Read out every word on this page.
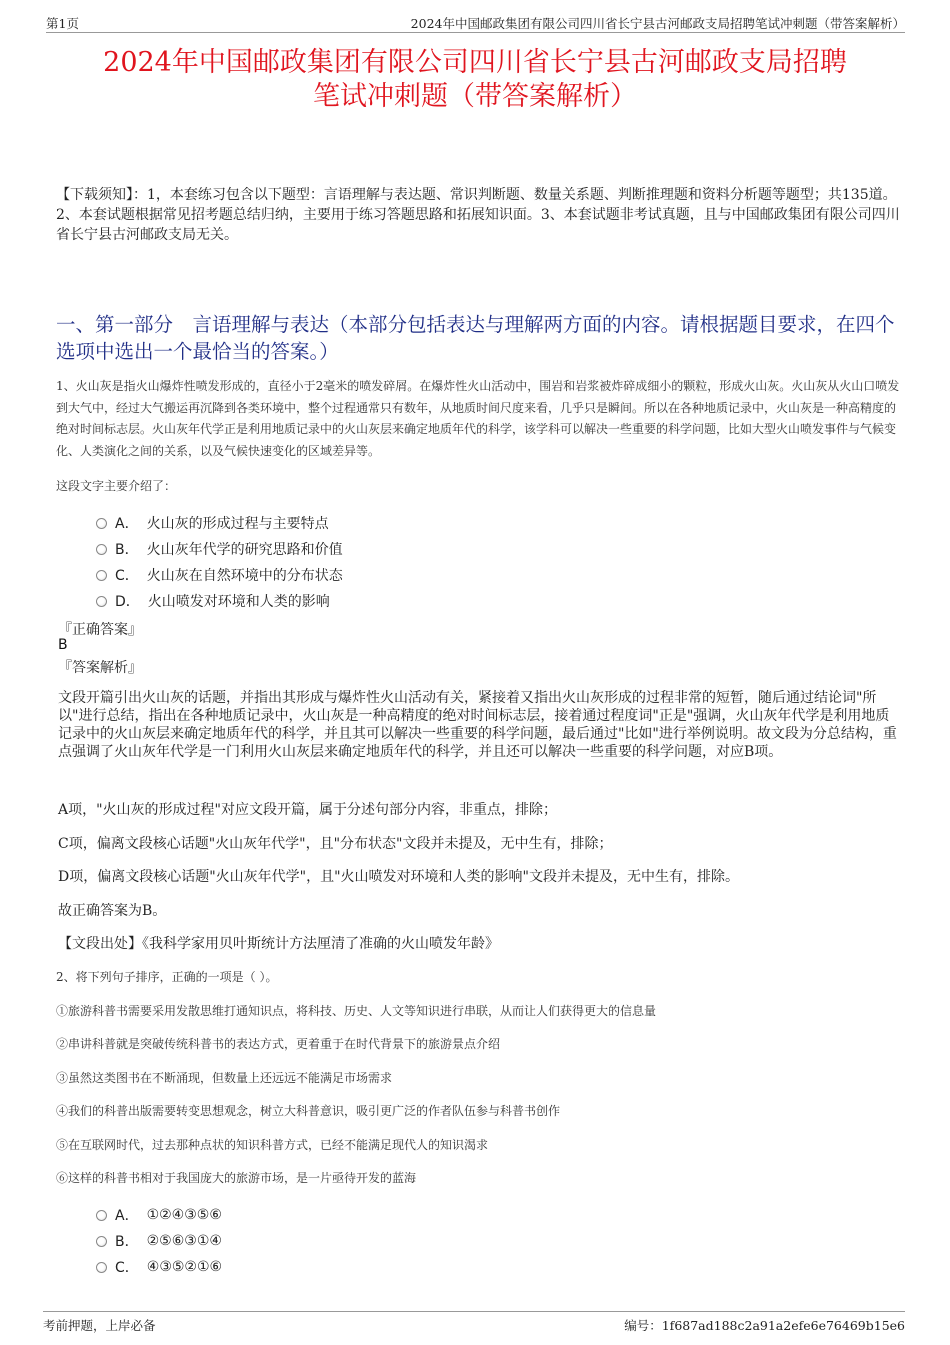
第1页	2024年中国邮政集团有限公司四川省长宁县古河邮政支局招聘笔试冲刺题（带答案解析）
2024年中国邮政集团有限公司四川省长宁县古河邮政支局招聘
笔试冲刺题（带答案解析）
【下载须知】：1，本套练习包含以下题型：言语理解与表达题、常识判断题、数量关系题、判断推理题和资料分析题等题型；共135道。2、本套试题根据常见招考题总结归纳，主要用于练习答题思路和拓展知识面。3、本套试题非考试真题，且与中国邮政集团有限公司四川省长宁县古河邮政支局无关。
一、第一部分　言语理解与表达（本部分包括表达与理解两方面的内容。请根据题目要求，在四个选项中选出一个最恰当的答案。）
1、火山灰是指火山爆炸性喷发形成的，直径小于2毫米的喷发碎屑。在爆炸性火山活动中，围岩和岩浆被炸碎成细小的颗粒，形成火山灰。火山灰从火山口喷发到大气中，经过大气搬运再沉降到各类环境中，整个过程通常只有数年，从地质时间尺度来看，几乎只是瞬间。所以在各种地质记录中，火山灰是一种高精度的绝对时间标志层。火山灰年代学正是利用地质记录中的火山灰层来确定地质年代的科学，该学科可以解决一些重要的科学问题，比如大型火山喷发事件与气候变化、人类演化之间的关系，以及气候快速变化的区域差异等。
这段文字主要介绍了：
A． 火山灰的形成过程与主要特点
B． 火山灰年代学的研究思路和价值
C． 火山灰在自然环境中的分布状态
D． 火山喷发对环境和人类的影响
『正确答案』
B
『答案解析』
文段开篇引出火山灰的话题，并指出其形成与爆炸性火山活动有关，紧接着又指出火山灰形成的过程非常的短暂，随后通过结论词"所以"进行总结，指出在各种地质记录中，火山灰是一种高精度的绝对时间标志层，接着通过程度词"正是"强调，火山灰年代学是利用地质记录中的火山灰层来确定地质年代的科学，并且其可以解决一些重要的科学问题，最后通过"比如"进行举例说明。故文段为分总结构，重点强调了火山灰年代学是一门利用火山灰层来确定地质年代的科学，并且还可以解决一些重要的科学问题，对应B项。
A项，"火山灰的形成过程"对应文段开篇，属于分述句部分内容，非重点，排除；
C项，偏离文段核心话题"火山灰年代学"，且"分布状态"文段并未提及，无中生有，排除；
D项，偏离文段核心话题"火山灰年代学"，且"火山喷发对环境和人类的影响"文段并未提及，无中生有，排除。
故正确答案为B。
【文段出处】《我科学家用贝叶斯统计方法厘清了准确的火山喷发年龄》
2、将下列句子排序，正确的一项是（ ）。
①旅游科普书需要采用发散思维打通知识点，将科技、历史、人文等知识进行串联，从而让人们获得更大的信息量
②串讲科普就是突破传统科普书的表达方式，更着重于在时代背景下的旅游景点介绍
③虽然这类图书在不断涌现，但数量上还远远不能满足市场需求
④我们的科普出版需要转变思想观念，树立大科普意识，吸引更广泛的作者队伍参与科普书创作
⑤在互联网时代，过去那种点状的知识科普方式，已经不能满足现代人的知识渴求
⑥这样的科普书相对于我国庞大的旅游市场，是一片亟待开发的蓝海
A． ①②④③⑤⑥
B． ②⑤⑥③①④
C． ④③⑤②①⑥
考前押题，上岸必备	编号：1f687ad188c2a91a2efe6e76469b15e6
